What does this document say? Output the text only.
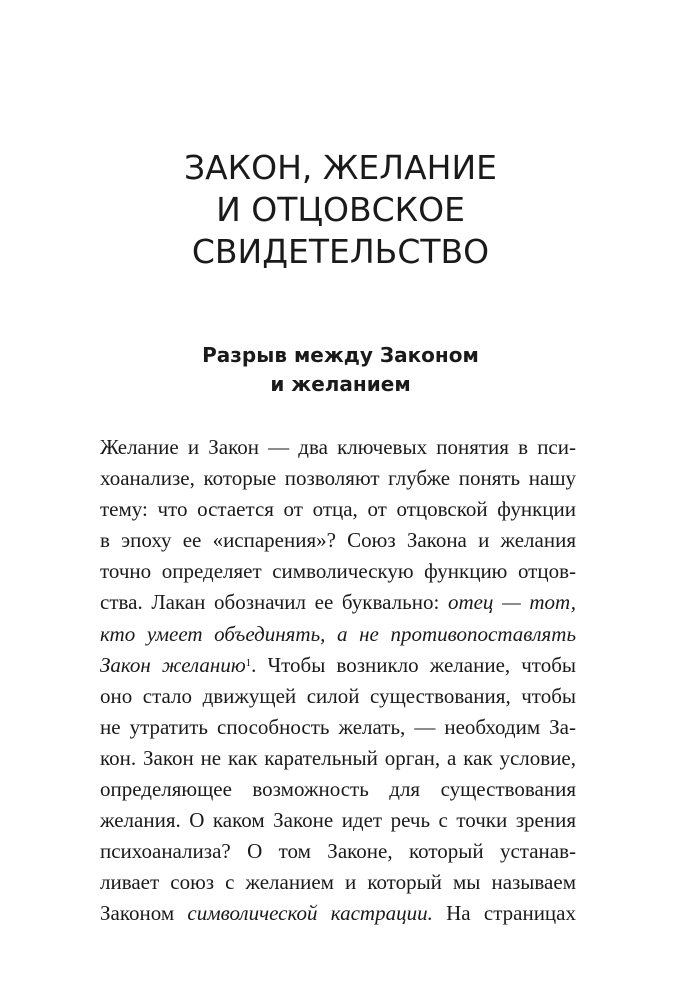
ЗАКОН, ЖЕЛАНИЕ
И ОТЦОВСКОЕ
СВИДЕТЕЛЬСТВО
Разрыв между Законом
и желанием
Желание и Закон — два ключевых понятия в пси-
хоанализе, которые позволяют глубже понять нашу
тему: что остается от отца, от отцовской функции
в эпоху ее «испарения»? Союз Закона и желания
точно определяет символическую функцию отцов-
ства. Лакан обозначил ее буквально: отец — тот,
кто умеет объединять, а не противопоставлять
Закон желанию$^1$. Чтобы возникло желание, чтобы
оно стало движущей силой существования, чтобы
не утратить способность желать, — необходим За-
кон. Закон не как карательный орган, а как условие,
определяющее возможность для существования
желания. О каком Законе идет речь с точки зрения
психоанализа? О том Законе, который устанав-
ливает союз с желанием и который мы называем
Законом символической кастрации. На страницах
